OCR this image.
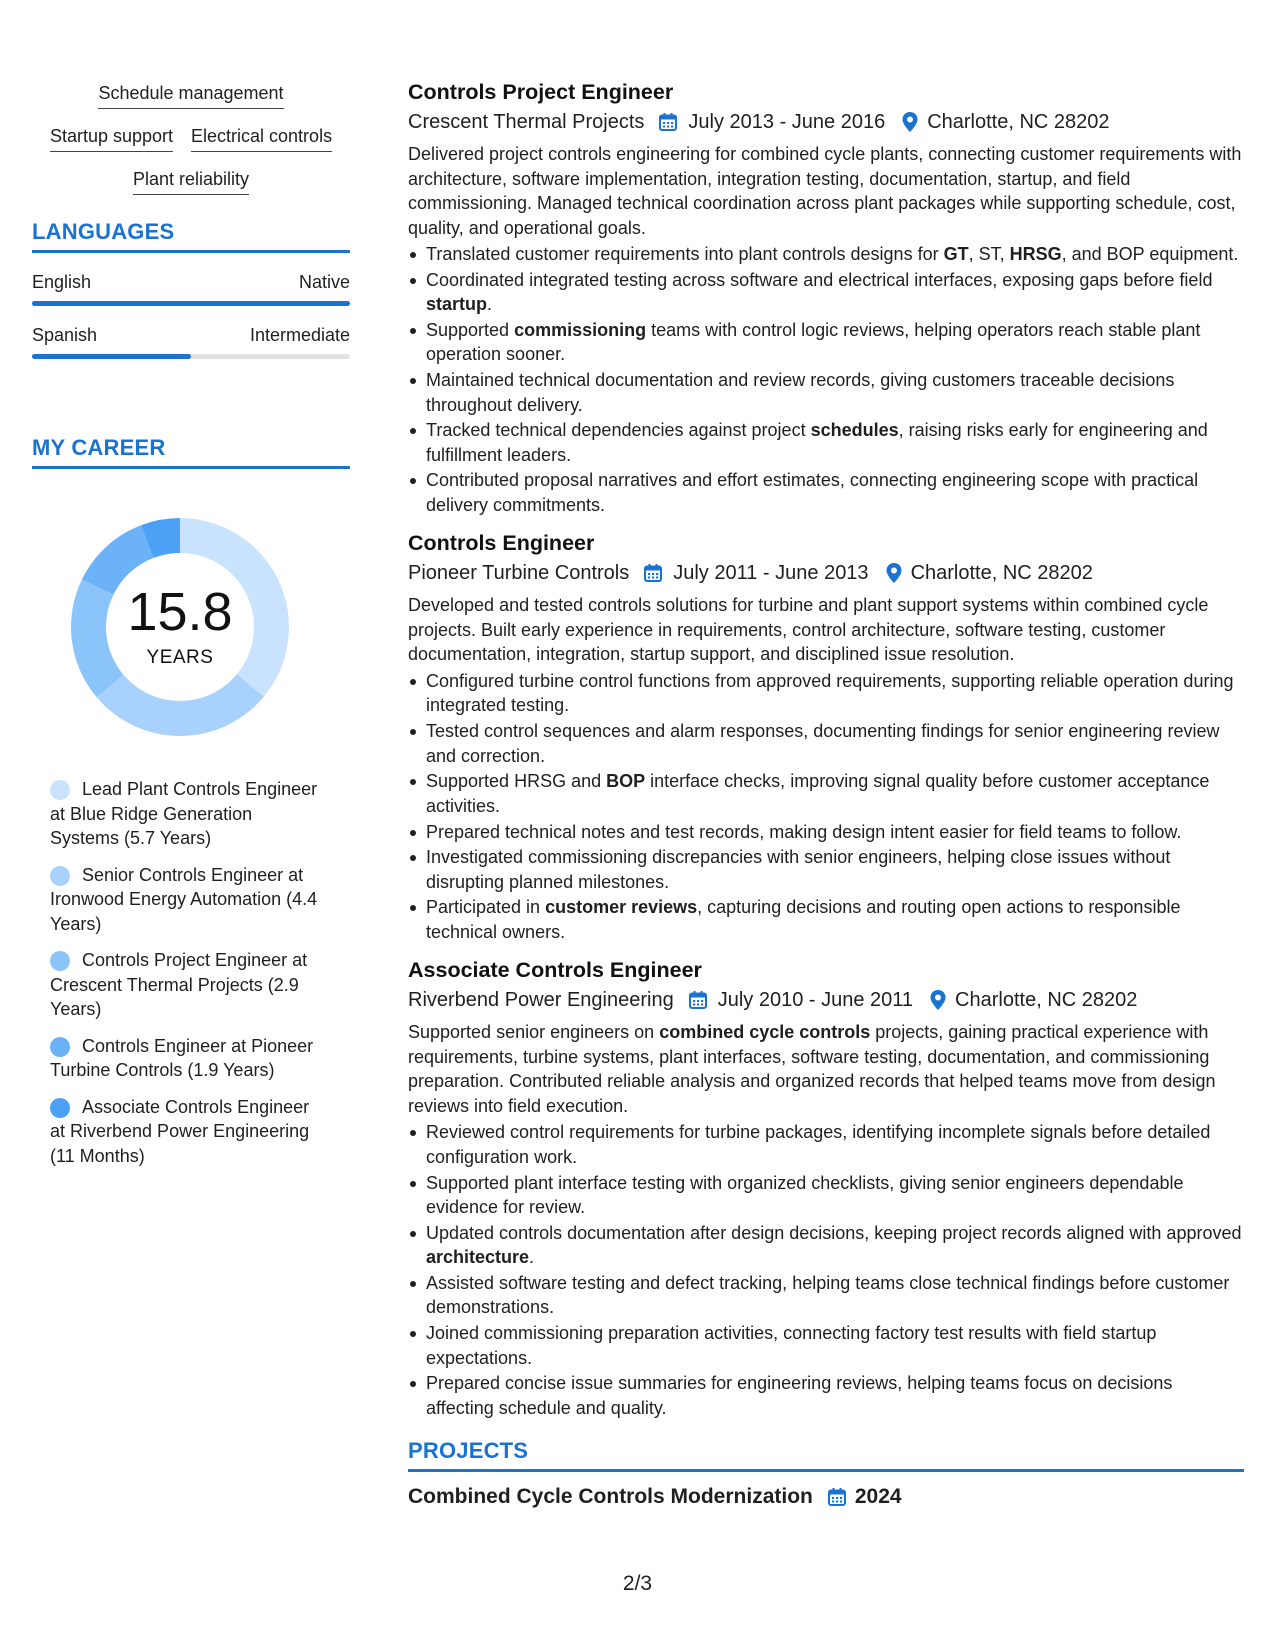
Schedule management
Startup support Electrical controls
Plant reliability
LANGUAGES
English	Native
Spanish	Intermediate
MY CAREER
15.8
YEARS
Lead Plant Controls Engineer at Blue Ridge Generation Systems (5.7 Years)
Senior Controls Engineer at Ironwood Energy Automation (4.4 Years)
Controls Project Engineer at Crescent Thermal Projects (2.9 Years)
Controls Engineer at Pioneer Turbine Controls (1.9 Years)
Associate Controls Engineer at Riverbend Power Engineering (11 Months)
Controls Project Engineer
Crescent Thermal Projects July 2013 - June 2016 Charlotte, NC 28202
Delivered project controls engineering for combined cycle plants, connecting customer requirements with architecture, software implementation, integration testing, documentation, startup, and field commissioning. Managed technical coordination across plant packages while supporting schedule, cost, quality, and operational goals.
Translated customer requirements into plant controls designs for GT, ST, HRSG, and BOP equipment.
Coordinated integrated testing across software and electrical interfaces, exposing gaps before field startup.
Supported commissioning teams with control logic reviews, helping operators reach stable plant operation sooner.
Maintained technical documentation and review records, giving customers traceable decisions throughout delivery.
Tracked technical dependencies against project schedules, raising risks early for engineering and fulfillment leaders.
Contributed proposal narratives and effort estimates, connecting engineering scope with practical delivery commitments.
Controls Engineer
Pioneer Turbine Controls July 2011 - June 2013 Charlotte, NC 28202
Developed and tested controls solutions for turbine and plant support systems within combined cycle projects. Built early experience in requirements, control architecture, software testing, customer documentation, integration, startup support, and disciplined issue resolution.
Configured turbine control functions from approved requirements, supporting reliable operation during integrated testing.
Tested control sequences and alarm responses, documenting findings for senior engineering review and correction.
Supported HRSG and BOP interface checks, improving signal quality before customer acceptance activities.
Prepared technical notes and test records, making design intent easier for field teams to follow.
Investigated commissioning discrepancies with senior engineers, helping close issues without disrupting planned milestones.
Participated in customer reviews, capturing decisions and routing open actions to responsible technical owners.
Associate Controls Engineer
Riverbend Power Engineering July 2010 - June 2011 Charlotte, NC 28202
Supported senior engineers on combined cycle controls projects, gaining practical experience with requirements, turbine systems, plant interfaces, software testing, documentation, and commissioning preparation. Contributed reliable analysis and organized records that helped teams move from design reviews into field execution.
Reviewed control requirements for turbine packages, identifying incomplete signals before detailed configuration work.
Supported plant interface testing with organized checklists, giving senior engineers dependable evidence for review.
Updated controls documentation after design decisions, keeping project records aligned with approved architecture.
Assisted software testing and defect tracking, helping teams close technical findings before customer demonstrations.
Joined commissioning preparation activities, connecting factory test results with field startup expectations.
Prepared concise issue summaries for engineering reviews, helping teams focus on decisions affecting schedule and quality.
PROJECTS
Combined Cycle Controls Modernization 2024
2/3
